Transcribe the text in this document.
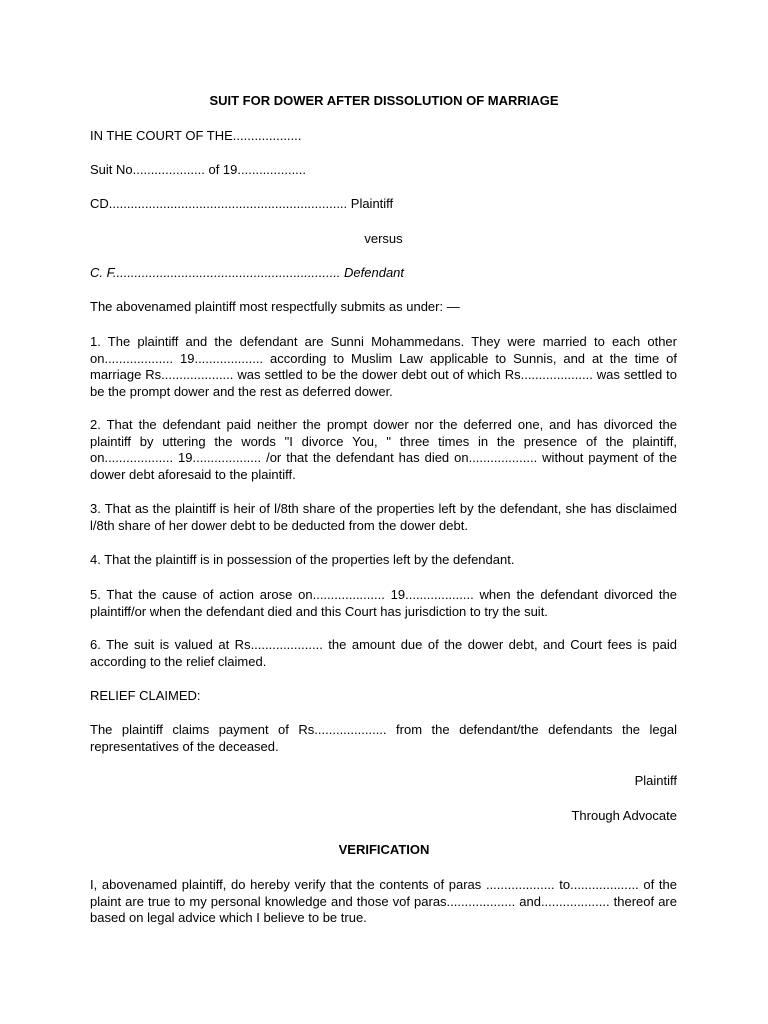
SUIT FOR DOWER AFTER DISSOLUTION OF MARRIAGE
IN THE COURT OF THE...................
Suit No.................... of 19...................
CD.................................................................. Plaintiff
versus
C. F............................................................... Defendant
The abovenamed plaintiff most respectfully submits as under: —
1. The plaintiff and the defendant are Sunni Mohammedans. They were married to each other on................... 19................... according to Muslim Law applicable to Sunnis, and at the time of marriage Rs.................... was settled to be the dower debt out of which Rs.................... was settled to be the prompt dower and the rest as deferred dower.
2. That the defendant paid neither the prompt dower nor the deferred one, and has divorced the plaintiff by uttering the words "I divorce You, " three times in the presence of the plaintiff, on................... 19................... /or that the defendant has died on................... without payment of the dower debt aforesaid to the plaintiff.
3. That as the plaintiff is heir of l/8th share of the properties left by the defendant, she has disclaimed l/8th share of her dower debt to be deducted from the dower debt.
4. That the plaintiff is in possession of the properties left by the defendant.
5. That the cause of action arose on.................... 19................... when the defendant divorced the plaintiff/or when the defendant died and this Court has jurisdiction to try the suit.
6. The suit is valued at Rs.................... the amount due of the dower debt, and Court fees is paid according to the relief claimed.
RELIEF CLAIMED:
The plaintiff claims payment of Rs.................... from the defendant/the defendants the legal representatives of the deceased.
Plaintiff
Through Advocate
VERIFICATION
I, abovenamed plaintiff, do hereby verify that the contents of paras ................... to................... of the plaint are true to my personal knowledge and those vof paras................... and................... thereof are based on legal advice which I believe to be true.
